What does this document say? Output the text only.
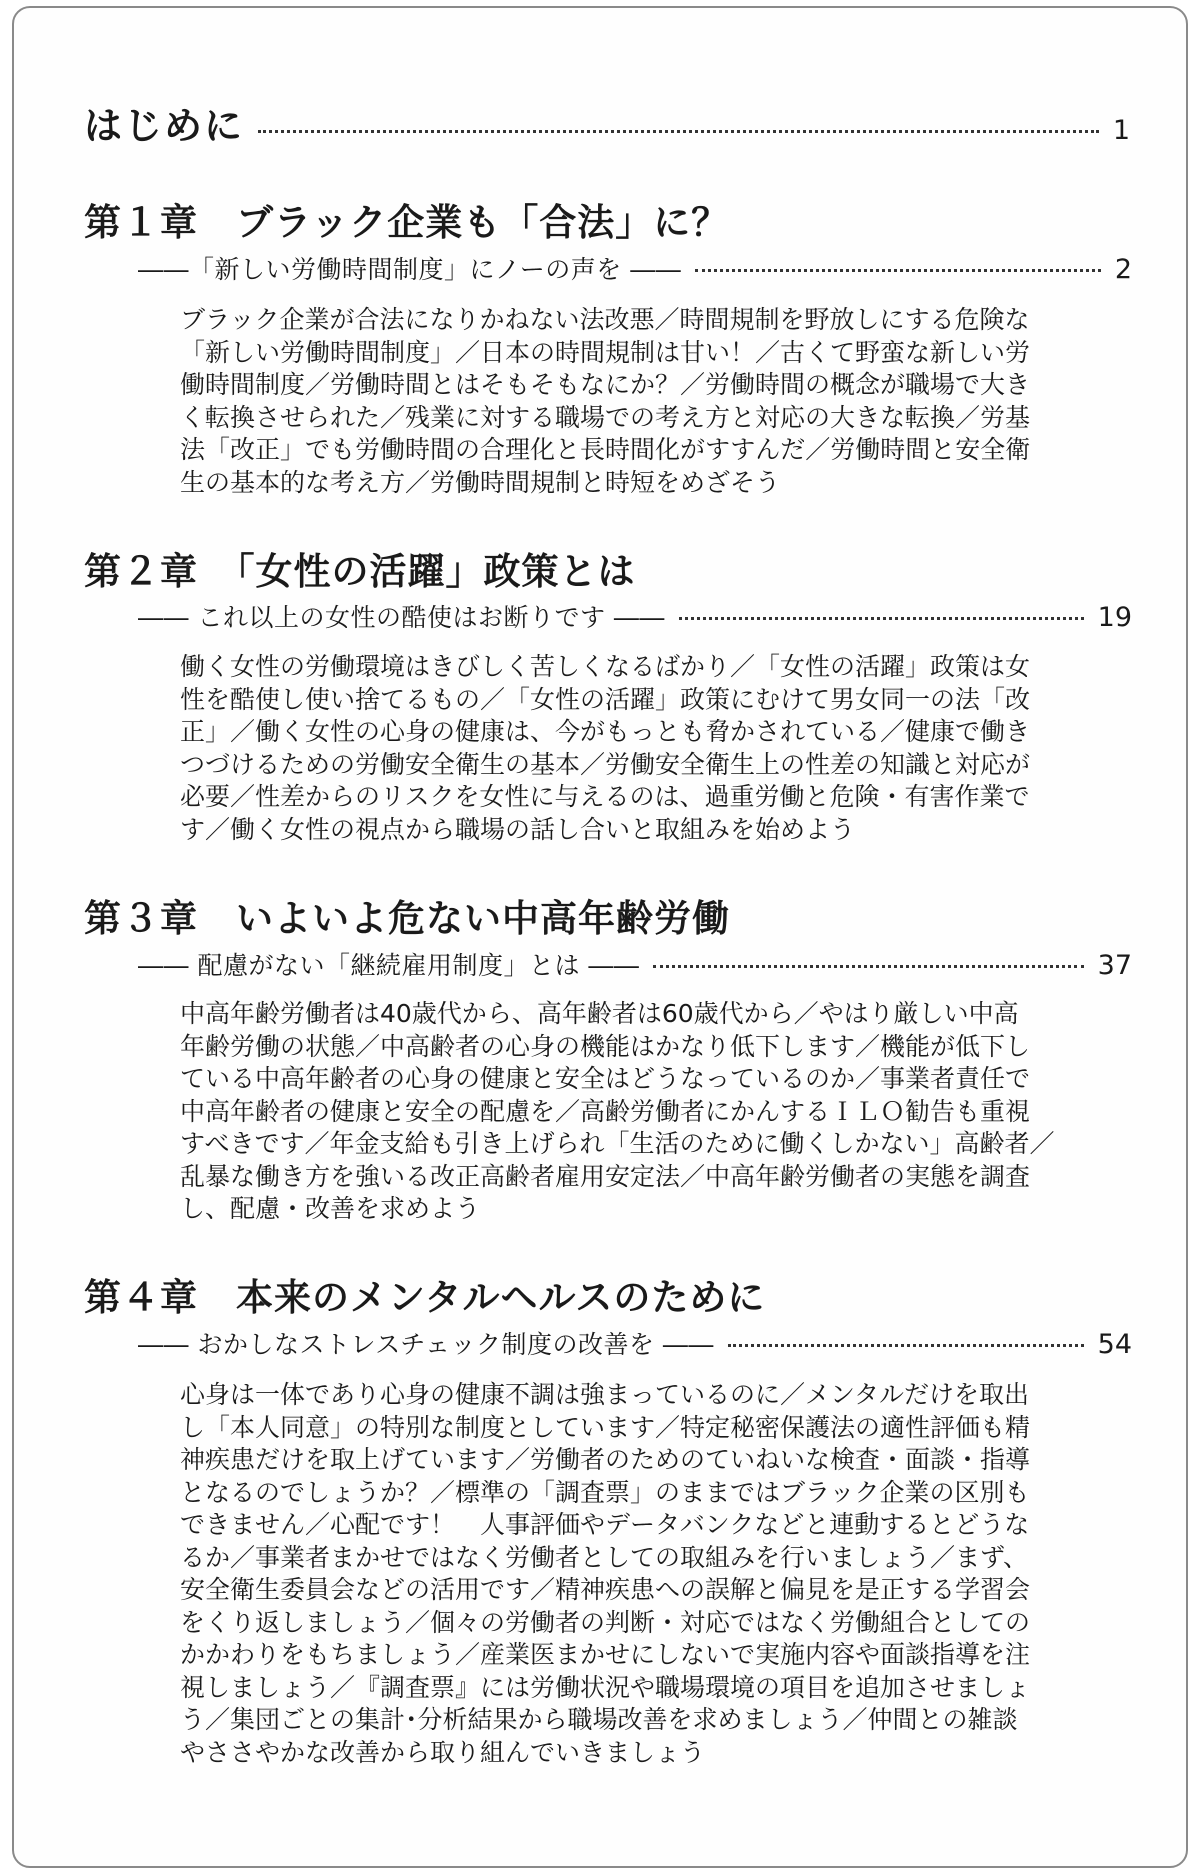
はじめに	1
第１章　ブラック企業も「合法」に？
――「新しい労働時間制度」にノーの声を ――	2

ブラック企業が合法になりかねない法改悪／時間規制を野放しにする危険な
「新しい労働時間制度」／日本の時間規制は甘い！／古くて野蛮な新しい労
働時間制度／労働時間とはそもそもなにか？／労働時間の概念が職場で大き
く転換させられた／残業に対する職場での考え方と対応の大きな転換／労基
法「改正」でも労働時間の合理化と長時間化がすすんだ／労働時間と安全衛
生の基本的な考え方／労働時間規制と時短をめざそう

第２章　「女性の活躍」政策とは
―― これ以上の女性の酷使はお断りです ――	19

働く女性の労働環境はきびしく苦しくなるばかり／「女性の活躍」政策は女
性を酷使し使い捨てるもの／「女性の活躍」政策にむけて男女同一の法「改
正」／働く女性の心身の健康は、今がもっとも脅かされている／健康で働き
つづけるための労働安全衛生の基本／労働安全衛生上の性差の知識と対応が
必要／性差からのリスクを女性に与えるのは、過重労働と危険・有害作業で
す／働く女性の視点から職場の話し合いと取組みを始めよう

第３章　いよいよ危ない中高年齢労働
―― 配慮がない「継続雇用制度」とは ――	37

中高年齢労働者は40歳代から、高年齢者は60歳代から／やはり厳しい中高
年齢労働の状態／中高齢者の心身の機能はかなり低下します／機能が低下し
ている中高年齢者の心身の健康と安全はどうなっているのか／事業者責任で
中高年齢者の健康と安全の配慮を／高齢労働者にかんするＩＬＯ勧告も重視
すべきです／年金支給も引き上げられ「生活のために働くしかない」高齢者／
乱暴な働き方を強いる改正高齢者雇用安定法／中高年齢労働者の実態を調査
し、配慮・改善を求めよう

第４章　本来のメンタルヘルスのために
―― おかしなストレスチェック制度の改善を ――	54

心身は一体であり心身の健康不調は強まっているのに／メンタルだけを取出
し「本人同意」の特別な制度としています／特定秘密保護法の適性評価も精
神疾患だけを取上げています／労働者のためのていねいな検査・面談・指導
となるのでしょうか？／標準の「調査票」のままではブラック企業の区別も
できません／心配です！　人事評価やデータバンクなどと連動するとどうな
るか／事業者まかせではなく労働者としての取組みを行いましょう／まず、
安全衛生委員会などの活用です／精神疾患への誤解と偏見を是正する学習会
をくり返しましょう／個々の労働者の判断・対応ではなく労働組合としての
かかわりをもちましょう／産業医まかせにしないで実施内容や面談指導を注
視しましょう／『調査票』には労働状況や職場環境の項目を追加させましょ
う／集団ごとの集計･分析結果から職場改善を求めましょう／仲間との雑談
やささやかな改善から取り組んでいきましょう
